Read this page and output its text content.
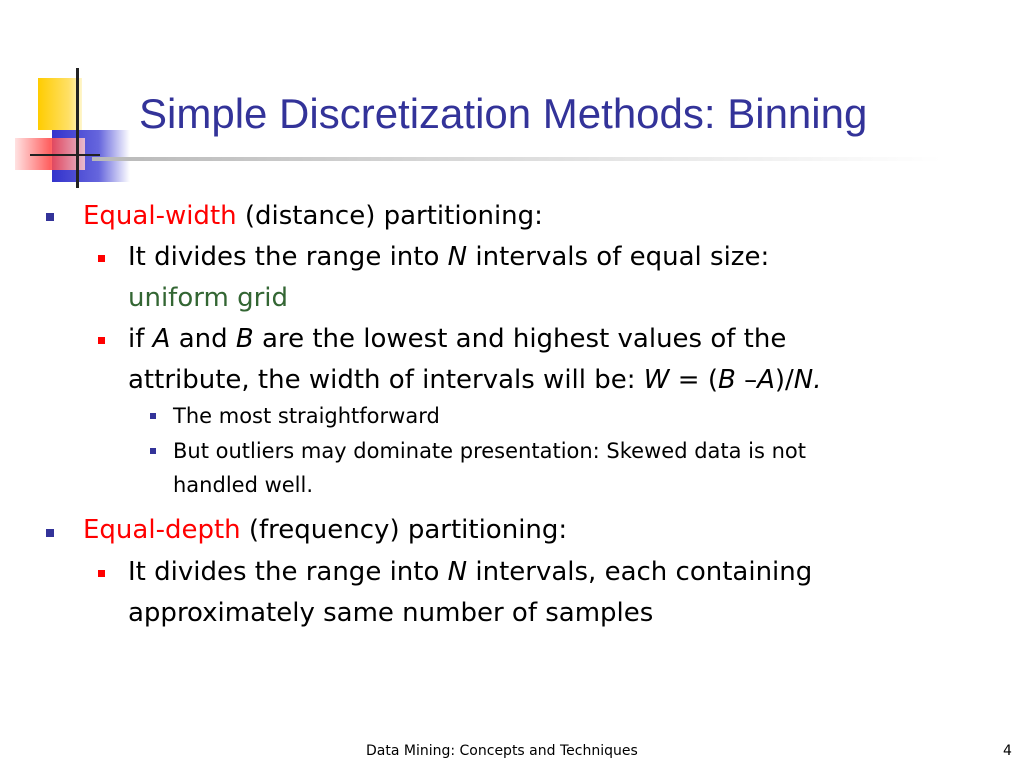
Simple Discretization Methods: Binning
Equal-width (distance) partitioning:
It divides the range into N intervals of equal size:
uniform grid
if A and B are the lowest and highest values of the
attribute, the width of intervals will be: W = (B –A)/N.
The most straightforward
But outliers may dominate presentation: Skewed data is not
handled well.
Equal-depth (frequency) partitioning:
It divides the range into N intervals, each containing
approximately same number of samples
Data Mining: Concepts and Techniques	4
